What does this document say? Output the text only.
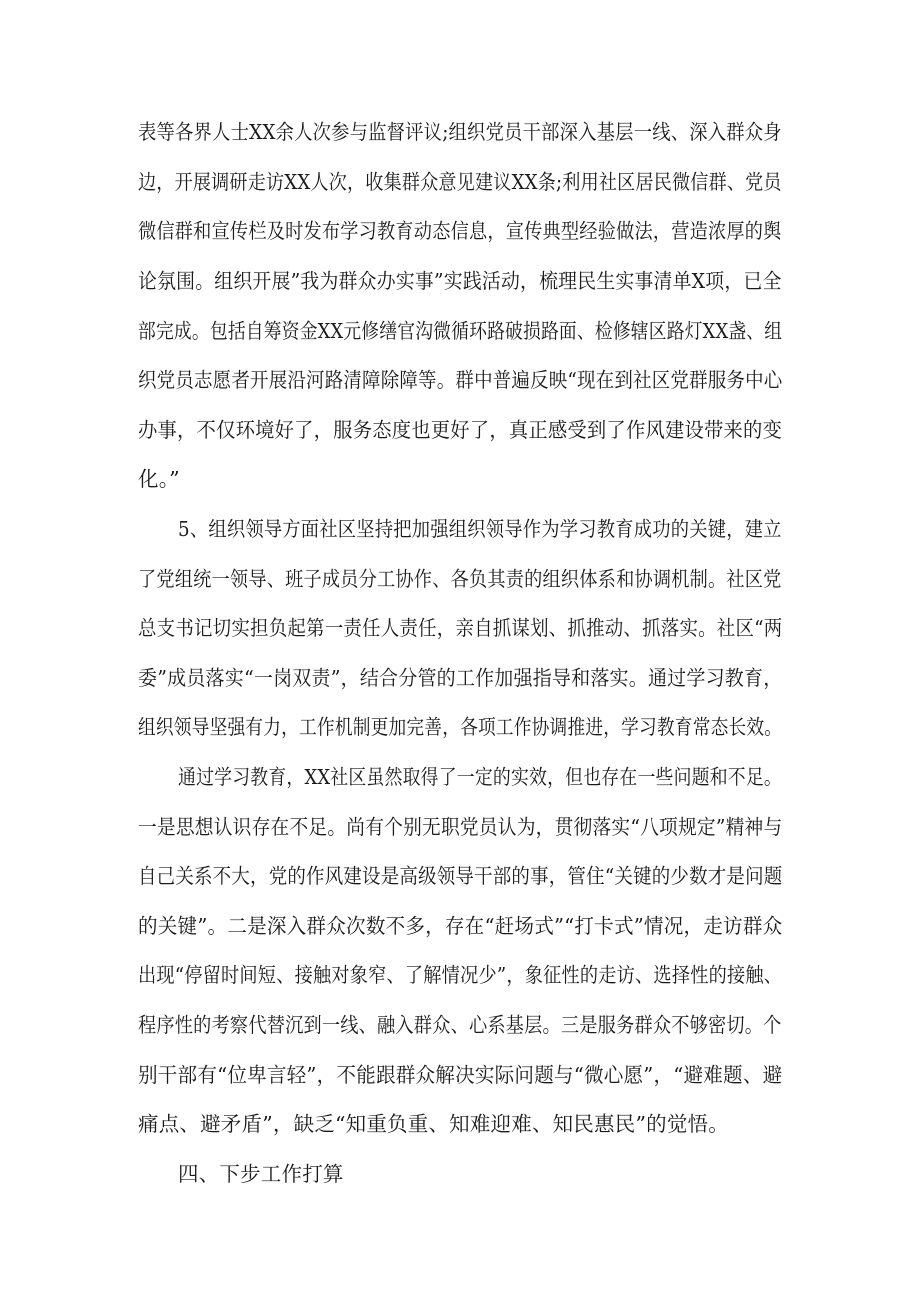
表等各界人士XX余人次参与监督评议;组织党员干部深入基层一线、深入群众身
边，开展调研走访XX人次，收集群众意见建议XX条;利用社区居民微信群、党员
微信群和宣传栏及时发布学习教育动态信息，宣传典型经验做法，营造浓厚的舆
论氛围。组织开展”我为群众办实事”实践活动，梳理民生实事清单X项，已全
部完成。包括自筹资金XX元修缮官沟微循环路破损路面、检修辖区路灯XX盏、组
织党员志愿者开展沿河路清障除障等。群中普遍反映“现在到社区党群服务中心
办事，不仅环境好了，服务态度也更好了，真正感受到了作风建设带来的变
化。”
5、组织领导方面社区坚持把加强组织领导作为学习教育成功的关键，建立
了党组统一领导、班子成员分工协作、各负其责的组织体系和协调机制。社区党
总支书记切实担负起第一责任人责任，亲自抓谋划、抓推动、抓落实。社区“两
委”成员落实“一岗双责”，结合分管的工作加强指导和落实。通过学习教育，
组织领导坚强有力，工作机制更加完善，各项工作协调推进，学习教育常态长效。
通过学习教育，XX社区虽然取得了一定的实效，但也存在一些问题和不足。
一是思想认识存在不足。尚有个别无职党员认为，贯彻落实“八项规定”精神与
自己关系不大，党的作风建设是高级领导干部的事，管住“关键的少数才是问题
的关键”。二是深入群众次数不多，存在“赶场式”“打卡式”情况，走访群众
出现“停留时间短、接触对象窄、了解情况少”，象征性的走访、选择性的接触、
程序性的考察代替沉到一线、融入群众、心系基层。三是服务群众不够密切。个
别干部有“位卑言轻”，不能跟群众解决实际问题与“微心愿”，“避难题、避
痛点、避矛盾”，缺乏“知重负重、知难迎难、知民惠民”的觉悟。
四、下步工作打算
